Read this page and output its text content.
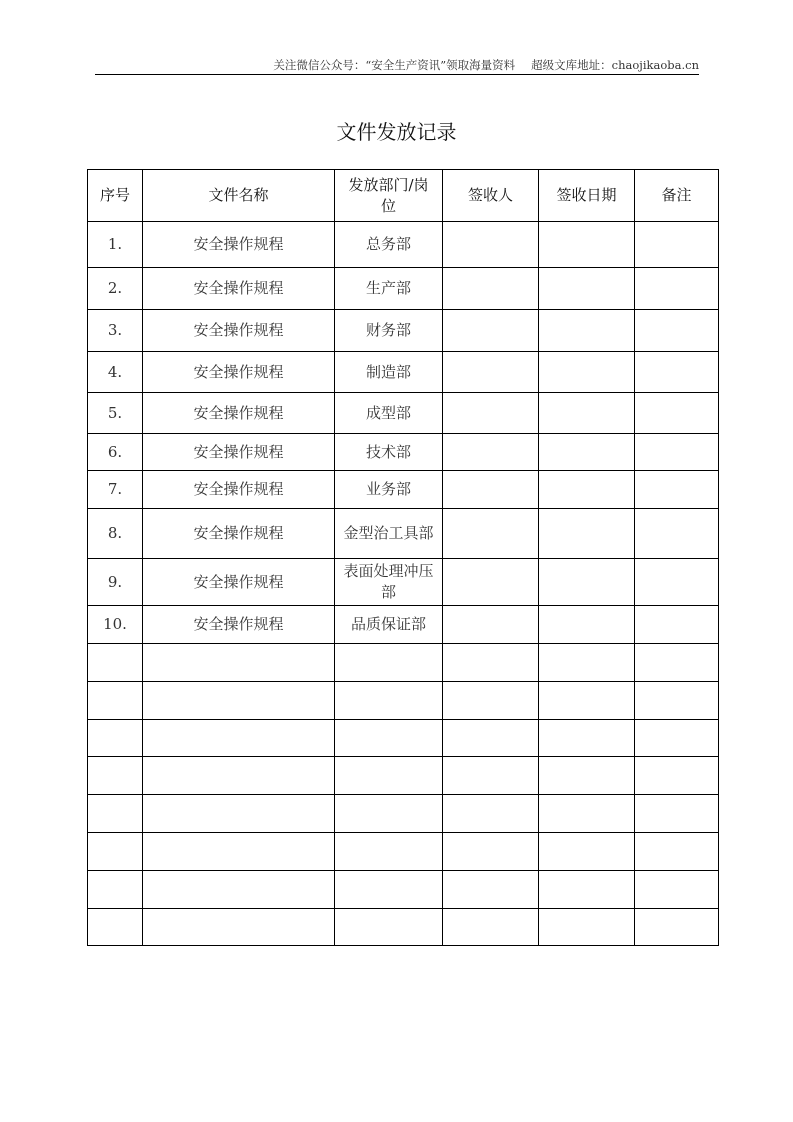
关注微信公众号：“安全生产资讯”领取海量资料 超级文库地址：chaojikaoba.cn
文件发放记录
序号	文件名称	发放部门/岗位	签收人	签收日期	备注
1.	安全操作规程	总务部			
2.	安全操作规程	生产部			
3.	安全操作规程	财务部			
4.	安全操作规程	制造部			
5.	安全操作规程	成型部			
6.	安全操作规程	技术部			
7.	安全操作规程	业务部			
8.	安全操作规程	金型治工具部			
9.	安全操作规程	表面处理冲压部			
10.	安全操作规程	品质保证部			
